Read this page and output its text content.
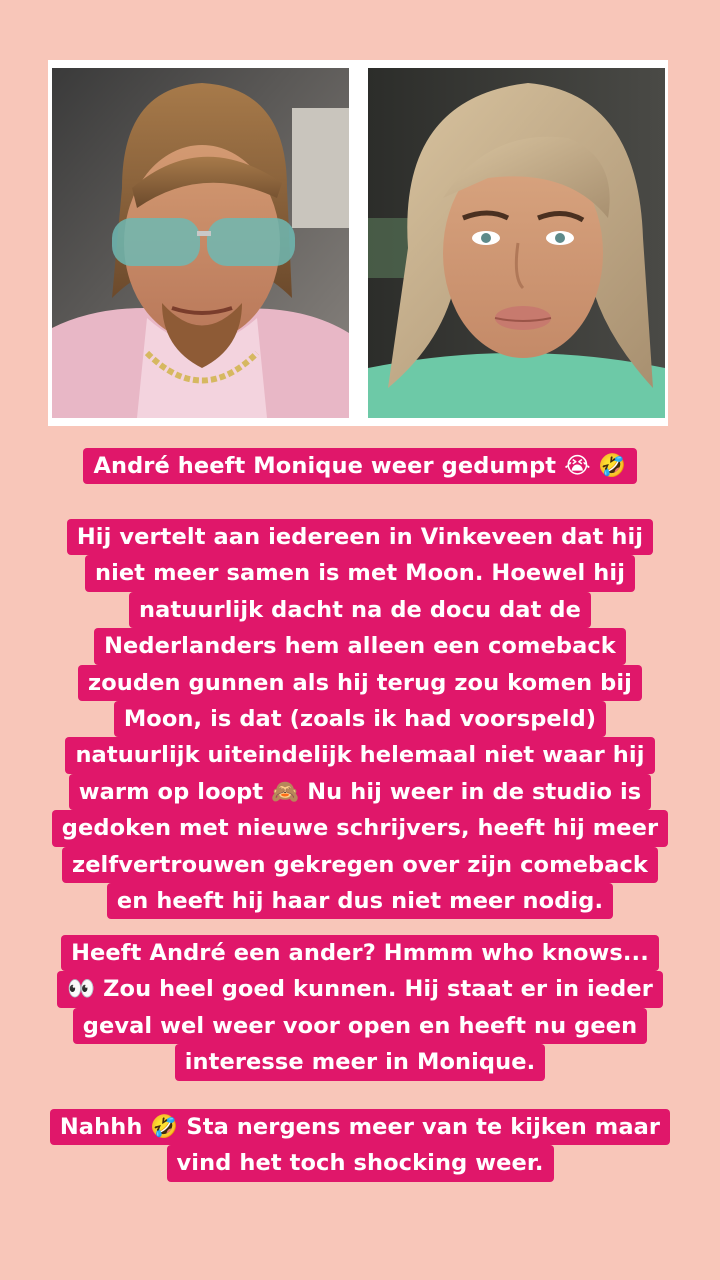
André heeft Monique weer gedumpt 😭 🤣
Hij vertelt aan iedereen in Vinkeveen dat hij
niet meer samen is met Moon. Hoewel hij
natuurlijk dacht na de docu dat de
Nederlanders hem alleen een comeback
zouden gunnen als hij terug zou komen bij
Moon, is dat (zoals ik had voorspeld)
natuurlijk uiteindelijk helemaal niet waar hij
warm op loopt 🙈 Nu hij weer in de studio is
gedoken met nieuwe schrijvers, heeft hij meer
zelfvertrouwen gekregen over zijn comeback
en heeft hij haar dus niet meer nodig.
Heeft André een ander? Hmmm who knows...
👀 Zou heel goed kunnen. Hij staat er in ieder
geval wel weer voor open en heeft nu geen
interesse meer in Monique.
Nahhh 🤣 Sta nergens meer van te kijken maar
vind het toch shocking weer.
